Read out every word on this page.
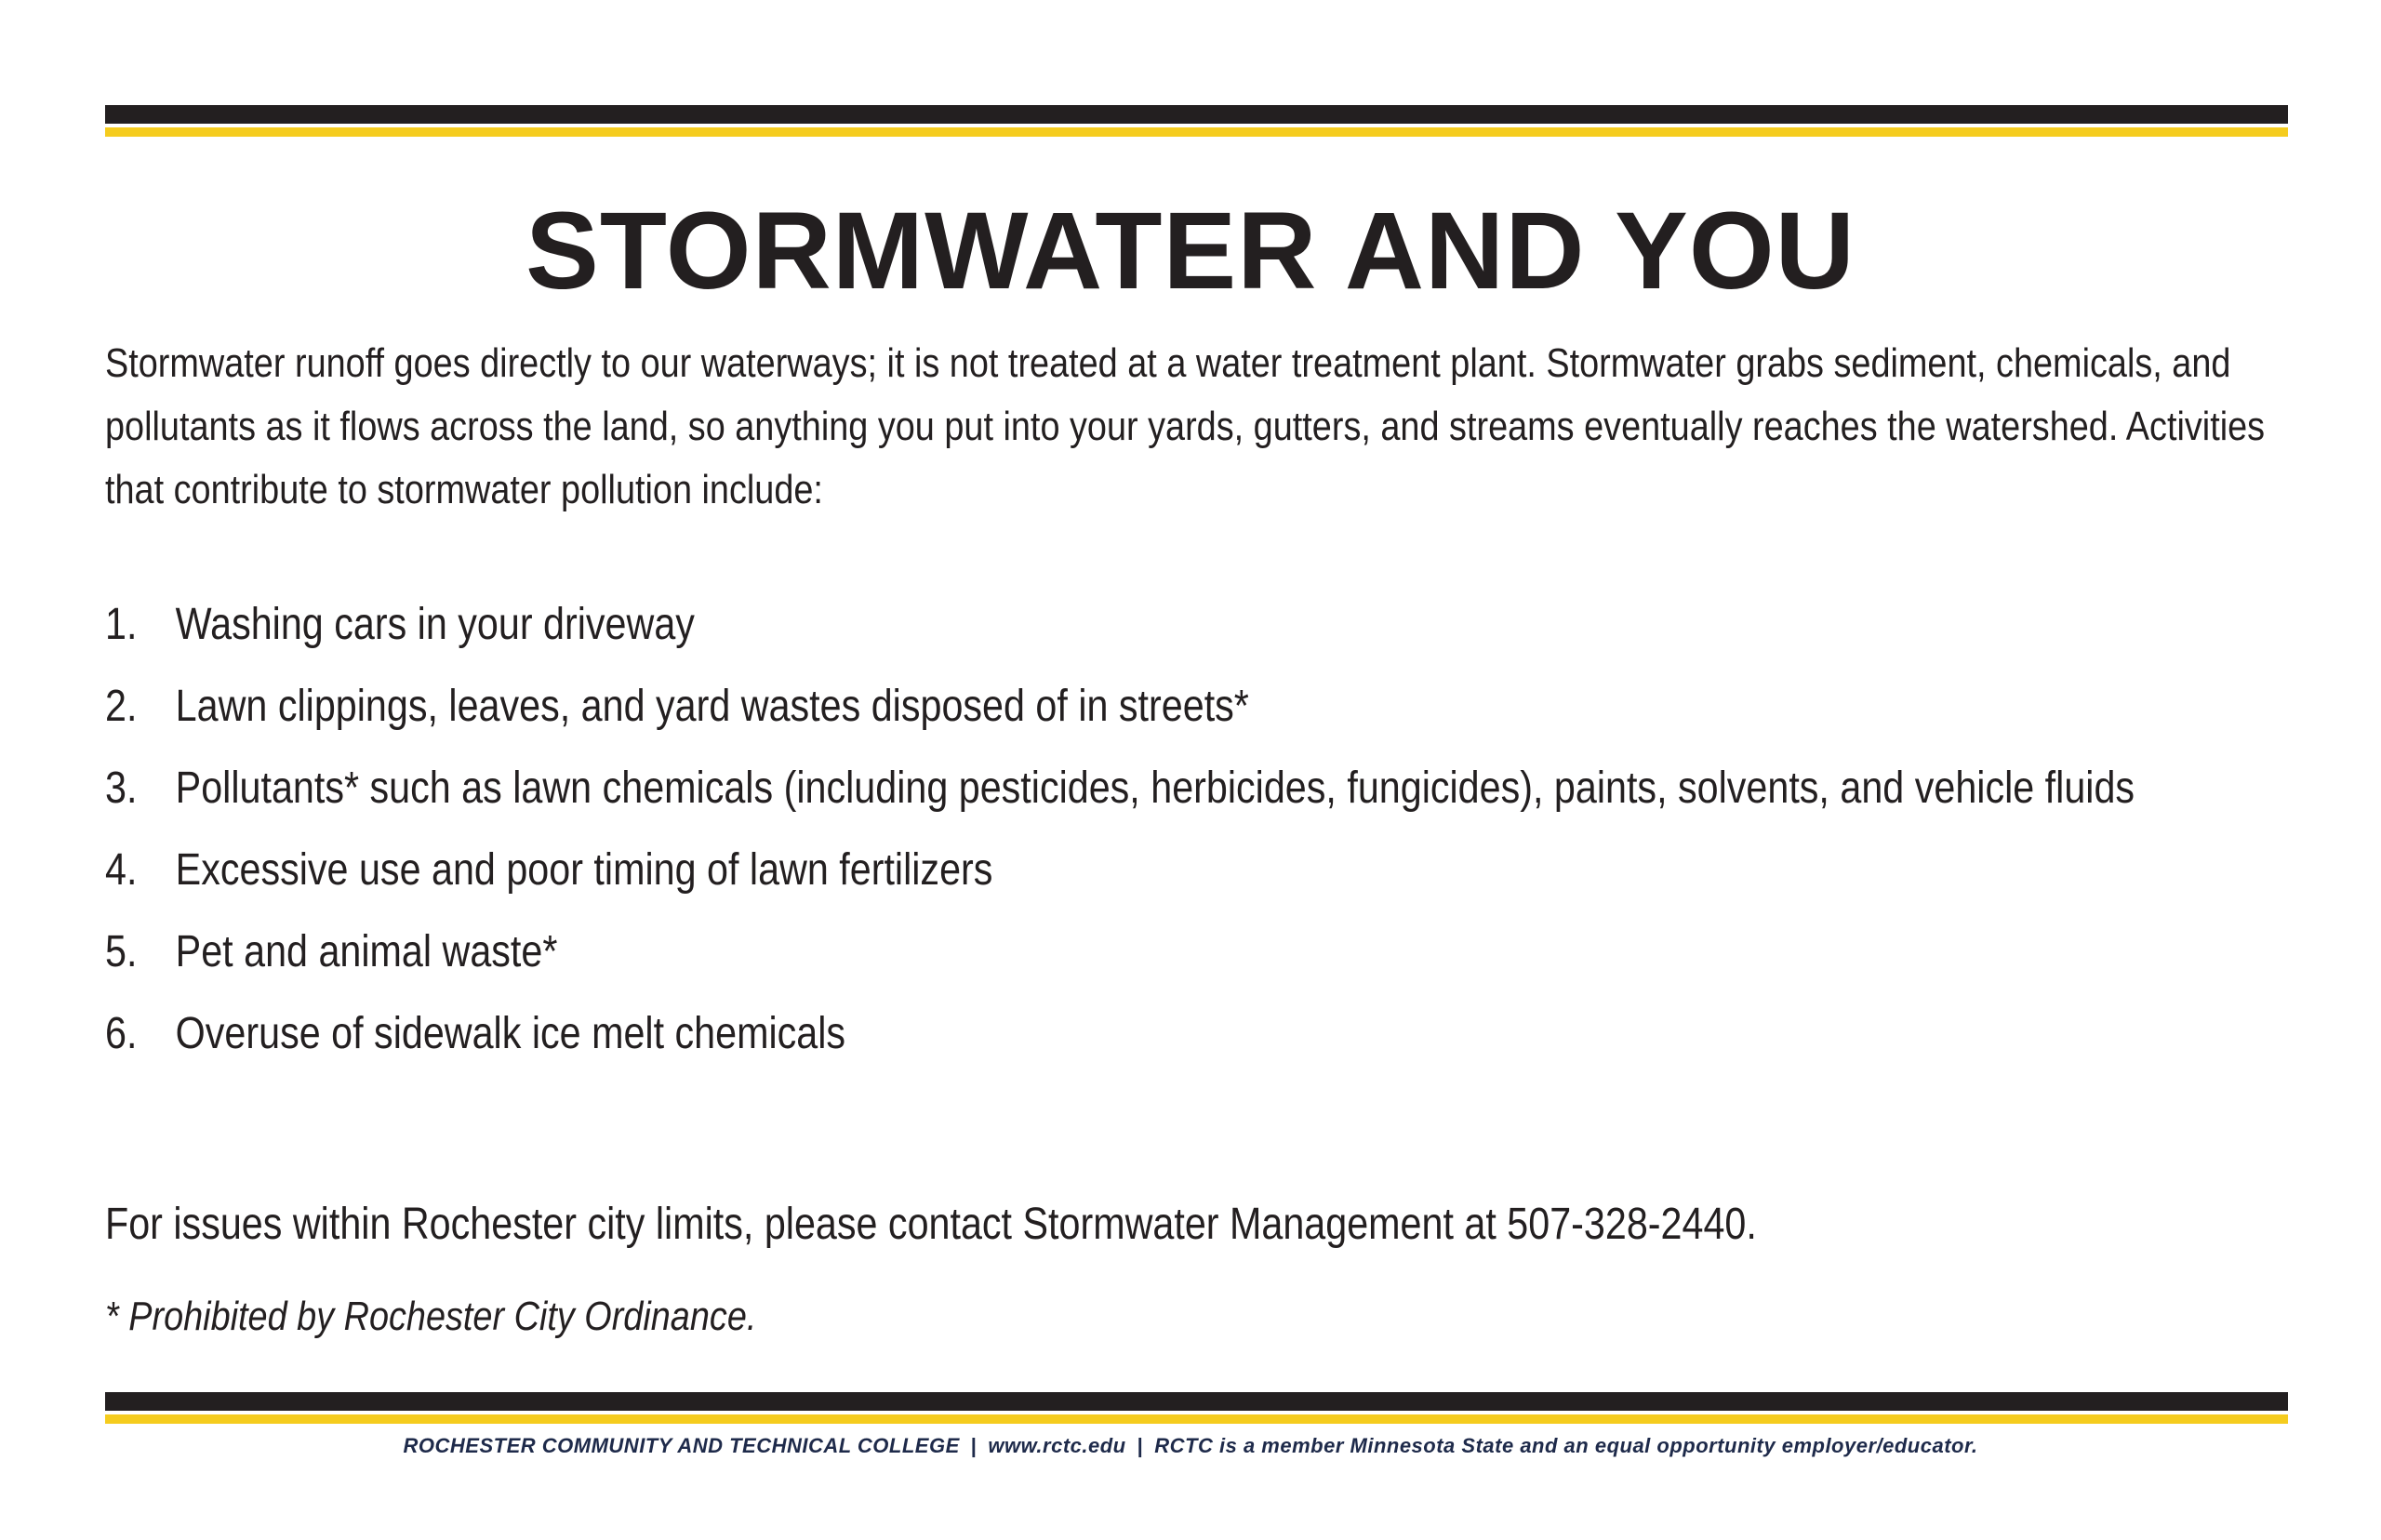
STORMWATER AND YOU

Stormwater runoff goes directly to our waterways; it is not treated at a water treatment plant. Stormwater grabs sediment, chemicals, and pollutants as it flows across the land, so anything you put into your yards, gutters, and streams eventually reaches the watershed. Activities that contribute to stormwater pollution include:

1. Washing cars in your driveway
2. Lawn clippings, leaves, and yard wastes disposed of in streets*
3. Pollutants* such as lawn chemicals (including pesticides, herbicides, fungicides), paints, solvents, and vehicle fluids
4. Excessive use and poor timing of lawn fertilizers
5. Pet and animal waste*
6. Overuse of sidewalk ice melt chemicals

For issues within Rochester city limits, please contact Stormwater Management at 507-328-2440.

* Prohibited by Rochester City Ordinance.

ROCHESTER COMMUNITY AND TECHNICAL COLLEGE | www.rctc.edu | RCTC is a member Minnesota State and an equal opportunity employer/educator.
